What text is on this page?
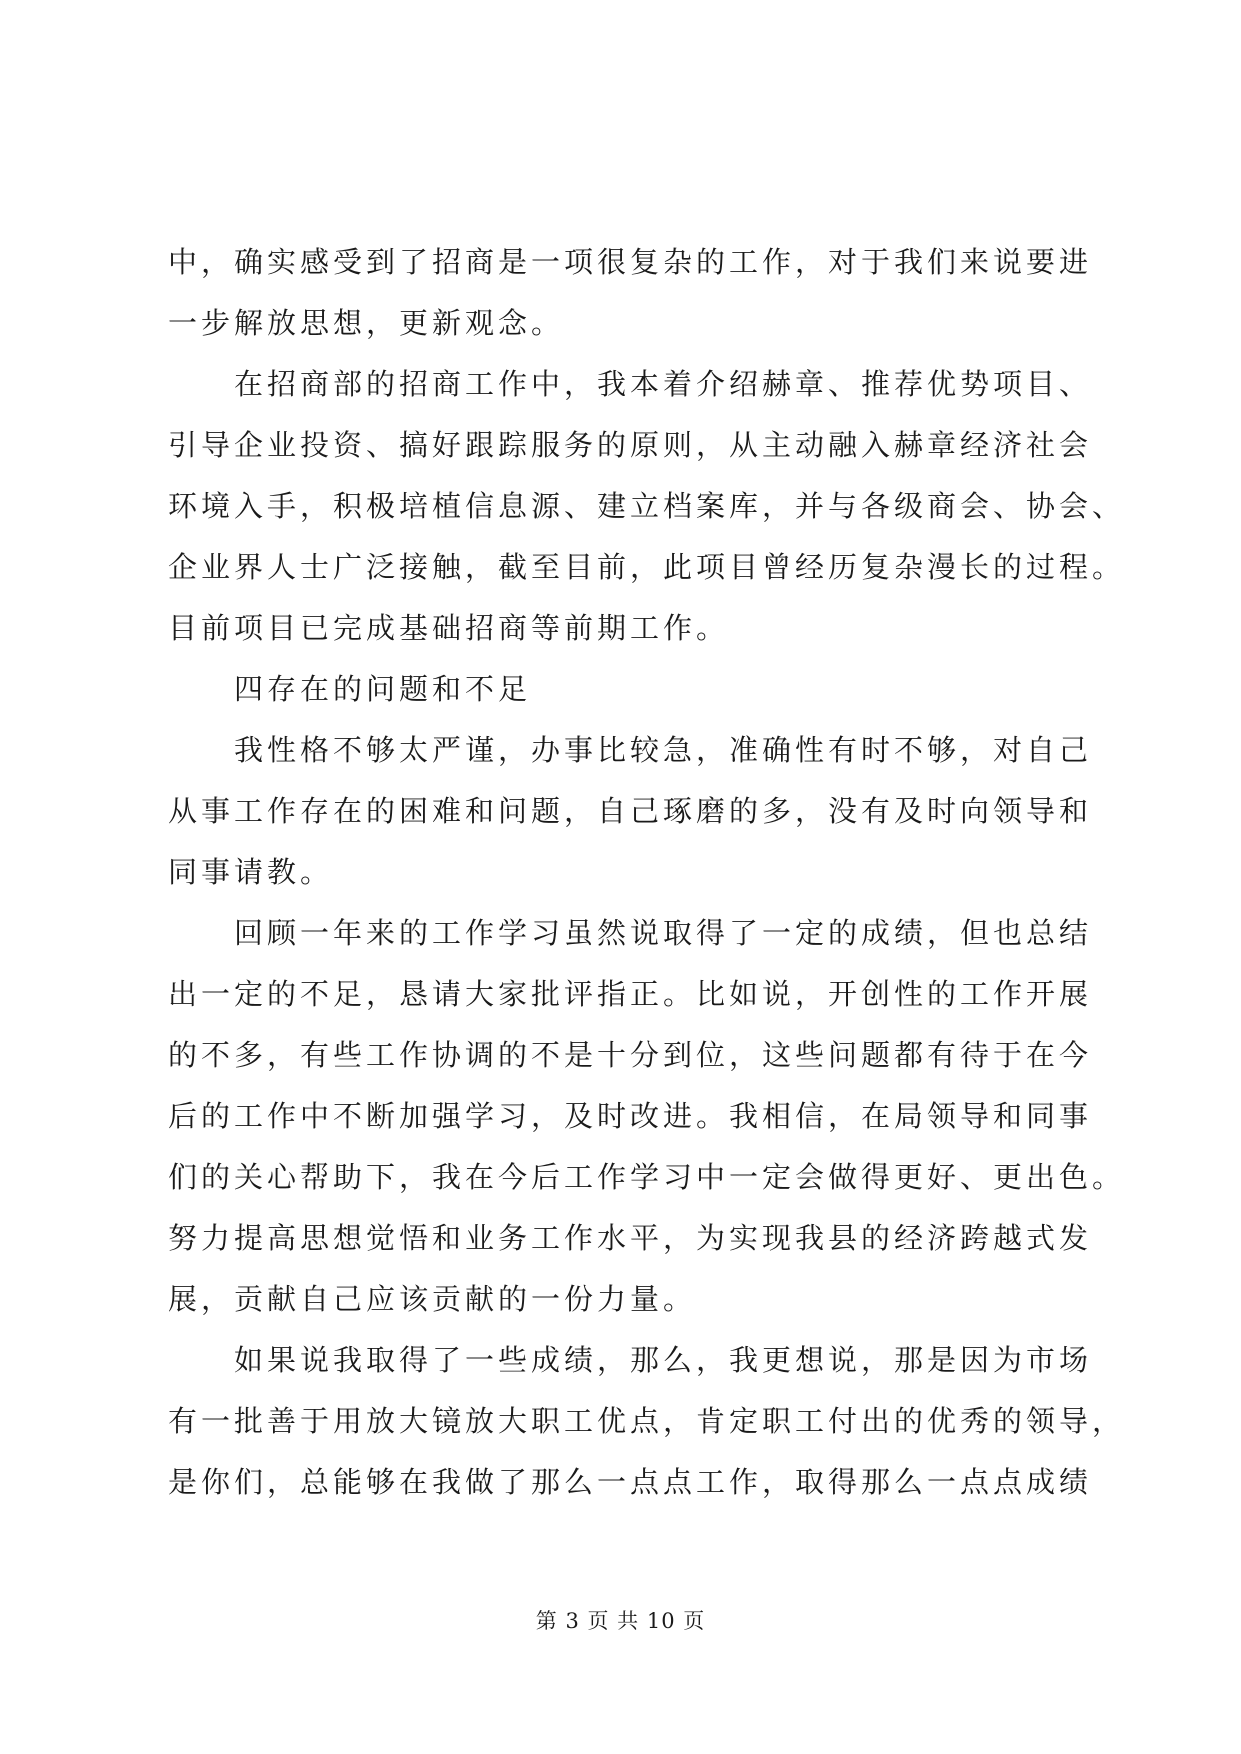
中，确实感受到了招商是一项很复杂的工作，对于我们来说要进
一步解放思想，更新观念。
在招商部的招商工作中，我本着介绍赫章、推荐优势项目、
引导企业投资、搞好跟踪服务的原则，从主动融入赫章经济社会
环境入手，积极培植信息源、建立档案库，并与各级商会、协会、
企业界人士广泛接触，截至目前，此项目曾经历复杂漫长的过程。
目前项目已完成基础招商等前期工作。
四存在的问题和不足
我性格不够太严谨，办事比较急，准确性有时不够，对自己
从事工作存在的困难和问题，自己琢磨的多，没有及时向领导和
同事请教。
回顾一年来的工作学习虽然说取得了一定的成绩，但也总结
出一定的不足，恳请大家批评指正。比如说，开创性的工作开展
的不多，有些工作协调的不是十分到位，这些问题都有待于在今
后的工作中不断加强学习，及时改进。我相信，在局领导和同事
们的关心帮助下，我在今后工作学习中一定会做得更好、更出色。
努力提高思想觉悟和业务工作水平，为实现我县的经济跨越式发
展，贡献自己应该贡献的一份力量。
如果说我取得了一些成绩，那么，我更想说，那是因为市场
有一批善于用放大镜放大职工优点，肯定职工付出的优秀的领导，
是你们，总能够在我做了那么一点点工作，取得那么一点点成绩
第 3 页 共 10 页
